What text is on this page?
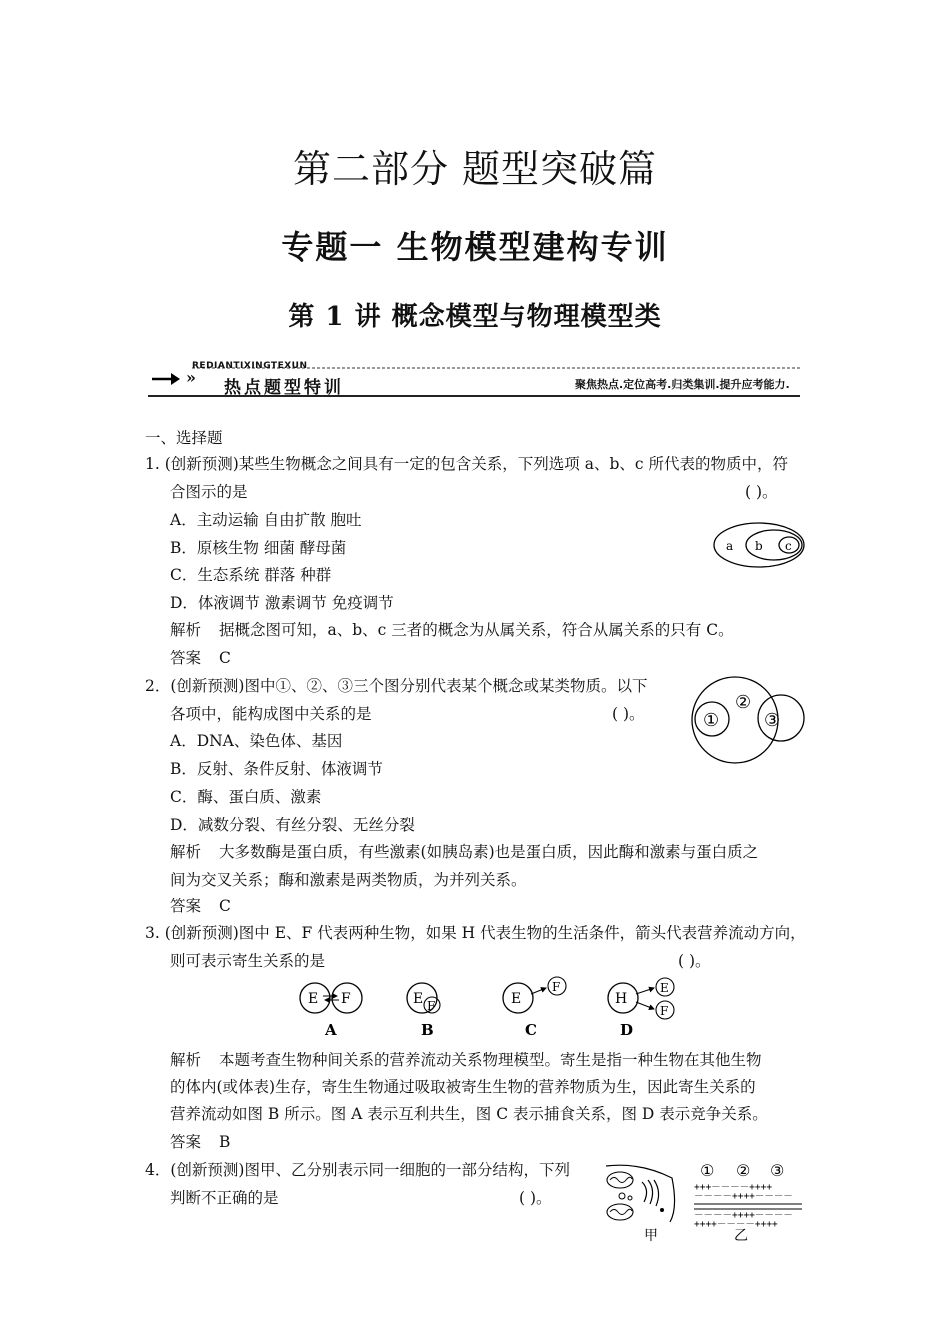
第二部分 题型突破篇
专题一 生物模型建构专训
第 1 讲 概念模型与物理模型类
»
REDIANTIXINGTEXUN
热点题型特训	聚焦热点.定位高考.归类集训.提升应考能力.
一、选择题
1. (创新预测)某些生物概念之间具有一定的包含关系，下列选项 a、b、c 所代表的物质中，符
合图示的是	( )。
A．主动运输 自由扩散 胞吐
B．原核生物 细菌 酵母菌
C．生态系统 群落 种群
D．体液调节 激素调节 免疫调节
解析 据概念图可知，a、b、c 三者的概念为从属关系，符合从属关系的只有 C。
答案 C
a b c
2．(创新预测)图中①、②、③三个图分别代表某个概念或某类物质。以下
各项中，能构成图中关系的是	( )。
A．DNA、染色体、基因
B．反射、条件反射、体液调节
C．酶、蛋白质、激素
D．减数分裂、有丝分裂、无丝分裂
解析 大多数酶是蛋白质，有些激素(如胰岛素)也是蛋白质，因此酶和激素与蛋白质之
间为交叉关系；酶和激素是两类物质，为并列关系。
答案 C
①
②
③
3. (创新预测)图中 E、F 代表两种生物，如果 H 代表生物的生活条件，箭头代表营养流动方向，
则可表示寄生关系的是	( )。
E F
A
E F
B
E
F
C
H
E
F
D
解析 本题考查生物种间关系的营养流动关系物理模型。寄生是指一种生物在其他生物
的体内(或体表)生存，寄生生物通过吸取被寄生生物的营养物质为生，因此寄生关系的
营养流动如图 B 所示。图 A 表示互利共生，图 C 表示捕食关系，图 D 表示竞争关系。
答案 B
4．(创新预测)图甲、乙分别表示同一细胞的一部分结构，下列
判断不正确的是	( )。
甲
① ② ③
+++－－－－++++
－－－－++++－－－－
－－－－++++－－－－
++++－－－－++++
乙
